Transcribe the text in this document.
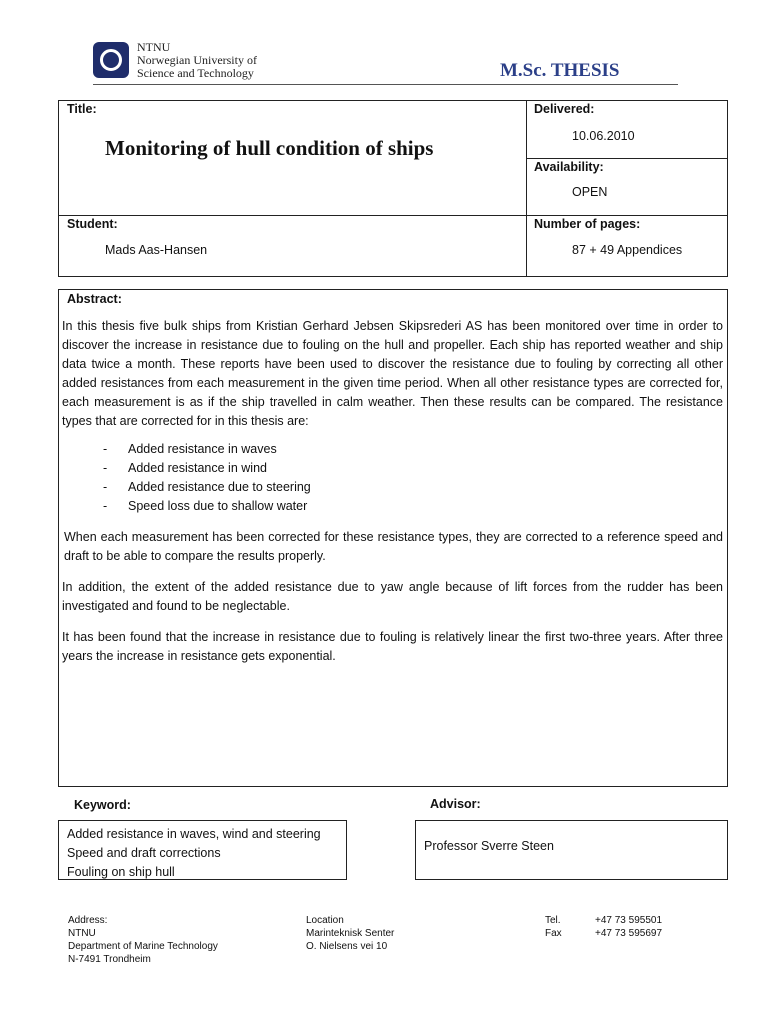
NTNU
Norwegian University of
Science and Technology	M.Sc. THESIS
Title:
Monitoring of hull condition of ships
Delivered:
10.06.2010
Availability:
OPEN
Student:
Mads Aas-Hansen
Number of pages:
87 + 49 Appendices
Abstract:

In this thesis five bulk ships from Kristian Gerhard Jebsen Skipsrederi AS has been monitored over time in order to discover the increase in resistance due to fouling on the hull and propeller. Each ship has reported weather and ship data twice a month. These reports have been used to discover the resistance due to fouling by correcting all other added resistances from each measurement in the given time period. When all other resistance types are corrected for, each measurement is as if the ship travelled in calm weather. Then these results can be compared. The resistance types that are corrected for in this thesis are:

- Added resistance in waves
- Added resistance in wind
- Added resistance due to steering
- Speed loss due to shallow water

When each measurement has been corrected for these resistance types, they are corrected to a reference speed and draft to be able to compare the results properly.

In addition, the extent of the added resistance due to yaw angle because of lift forces from the rudder has been investigated and found to be neglectable.

It has been found that the increase in resistance due to fouling is relatively linear the first two-three years. After three years the increase in resistance gets exponential.

Keyword:
Added resistance in waves, wind and steering
Speed and draft corrections
Fouling on ship hull
Advisor:
Professor Sverre Steen
Address:
NTNU
Department of Marine Technology
N-7491 Trondheim
Location
Marinteknisk Senter
O. Nielsens vei 10
Tel.
Fax
+47 73 595501
+47 73 595697
